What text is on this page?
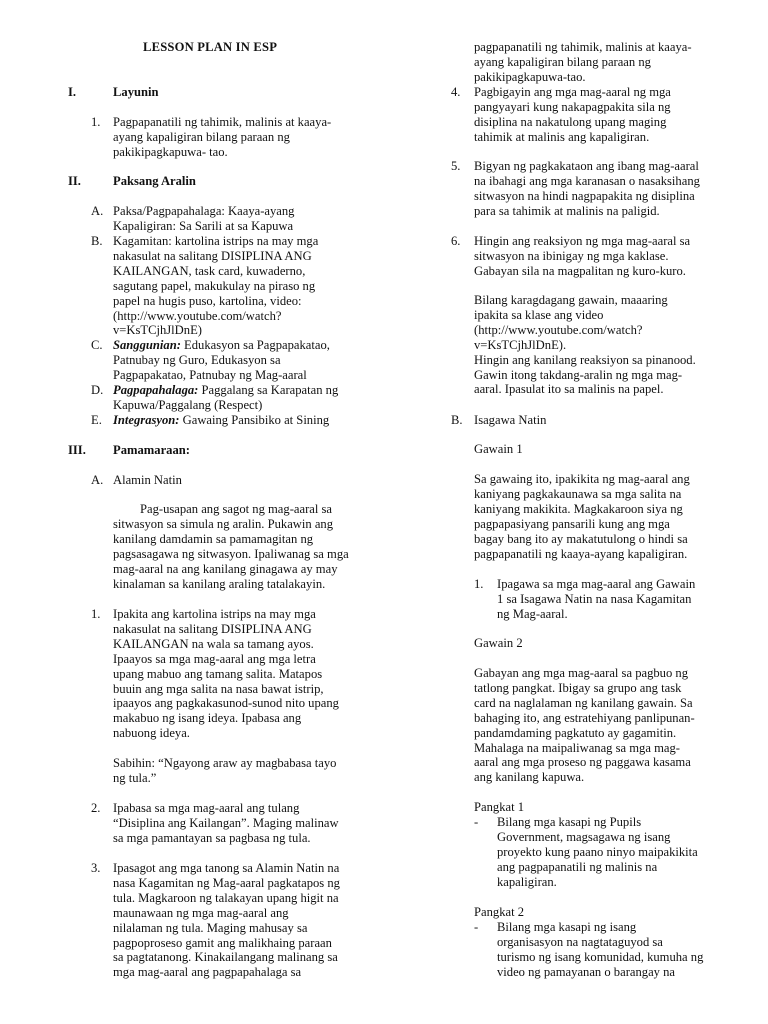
LESSON PLAN IN ESP
I.	Layunin
1. Pagpapanatili ng tahimik, malinis at kaaya-
ayang kapaligiran bilang paraan ng
pakikipagkapuwa- tao.
II.	Paksang Aralin
A. Paksa/Pagpapahalaga: Kaaya-ayang
Kapaligiran: Sa Sarili at sa Kapuwa
B. Kagamitan: kartolina istrips na may mga
nakasulat na salitang DISIPLINA ANG
KAILANGAN, task card, kuwaderno,
sagutang papel, makukulay na piraso ng
papel na hugis puso, kartolina, video:
(http://www.youtube.com/watch?
v=KsTCjhJlDnE)
C. Sanggunian: Edukasyon sa Pagpapakatao,
Patnubay ng Guro, Edukasyon sa
Pagpapakatao, Patnubay ng Mag-aaral
D. Pagpapahalaga: Paggalang sa Karapatan ng
Kapuwa/Paggalang (Respect)
E. Integrasyon: Gawaing Pansibiko at Sining
III. Pamamaraan:
A. Alamin Natin
Pag-usapan ang sagot ng mag-aaral sa
sitwasyon sa simula ng aralin. Pukawin ang
kanilang damdamin sa pamamagitan ng
pagsasagawa ng sitwasyon. Ipaliwanag sa mga
mag-aaral na ang kanilang ginagawa ay may
kinalaman sa kanilang araling tatalakayin.
1. Ipakita ang kartolina istrips na may mga
nakasulat na salitang DISIPLINA ANG
KAILANGAN na wala sa tamang ayos.
Ipaayos sa mga mag-aaral ang mga letra
upang mabuo ang tamang salita. Matapos
buuin ang mga salita na nasa bawat istrip,
ipaayos ang pagkakasunod-sunod nito upang
makabuo ng isang ideya. Ipabasa ang
nabuong ideya.
Sabihin: “Ngayong araw ay magbabasa tayo
ng tula.”
2. Ipabasa sa mga mag-aaral ang tulang
“Disiplina ang Kailangan”. Maging malinaw
sa mga pamantayan sa pagbasa ng tula.
3. Ipasagot ang mga tanong sa Alamin Natin na
nasa Kagamitan ng Mag-aaral pagkatapos ng
tula. Magkaroon ng talakayan upang higit na
maunawaan ng mga mag-aaral ang
nilalaman ng tula. Maging mahusay sa
pagpoproseso gamit ang malikhaing paraan
sa pagtatanong. Kinakailangang malinang sa
mga mag-aaral ang pagpapahalaga sa
pagpapanatili ng tahimik, malinis at kaaya-
ayang kapaligiran bilang paraan ng
pakikipagkapuwa-tao.
4. Pagbigayin ang mga mag-aaral ng mga
pangyayari kung nakapagpakita sila ng
disiplina na nakatulong upang maging
tahimik at malinis ang kapaligiran.
5. Bigyan ng pagkakataon ang ibang mag-aaral
na ibahagi ang mga karanasan o nasaksihang
sitwasyon na hindi nagpapakita ng disiplina
para sa tahimik at malinis na paligid.
6. Hingin ang reaksiyon ng mga mag-aaral sa
sitwasyon na ibinigay ng mga kaklase.
Gabayan sila na magpalitan ng kuro-kuro.
Bilang karagdagang gawain, maaaring
ipakita sa klase ang video
(http://www.youtube.com/watch?
v=KsTCjhJlDnE).
Hingin ang kanilang reaksiyon sa pinanood.
Gawin itong takdang-aralin ng mga mag-
aaral. Ipasulat ito sa malinis na papel.
B. Isagawa Natin
Gawain 1
Sa gawaing ito, ipakikita ng mag-aaral ang
kaniyang pagkakaunawa sa mga salita na
kaniyang makikita. Magkakaroon siya ng
pagpapasiyang pansarili kung ang mga
bagay bang ito ay makatutulong o hindi sa
pagpapanatili ng kaaya-ayang kapaligiran.
1. Ipagawa sa mga mag-aaral ang Gawain
1 sa Isagawa Natin na nasa Kagamitan
ng Mag-aaral.
Gawain 2
Gabayan ang mga mag-aaral sa pagbuo ng
tatlong pangkat. Ibigay sa grupo ang task
card na naglalaman ng kanilang gawain. Sa
bahaging ito, ang estratehiyang panlipunan-
pandamdaming pagkatuto ay gagamitin.
Mahalaga na maipaliwanag sa mga mag-
aaral ang mga proseso ng paggawa kasama
ang kanilang kapuwa.
Pangkat 1
- Bilang mga kasapi ng Pupils
Government, magsagawa ng isang
proyekto kung paano ninyo maipakikita
ang pagpapanatili ng malinis na
kapaligiran.
Pangkat 2
- Bilang mga kasapi ng isang
organisasyon na nagtataguyod sa
turismo ng isang komunidad, kumuha ng
video ng pamayanan o barangay na
